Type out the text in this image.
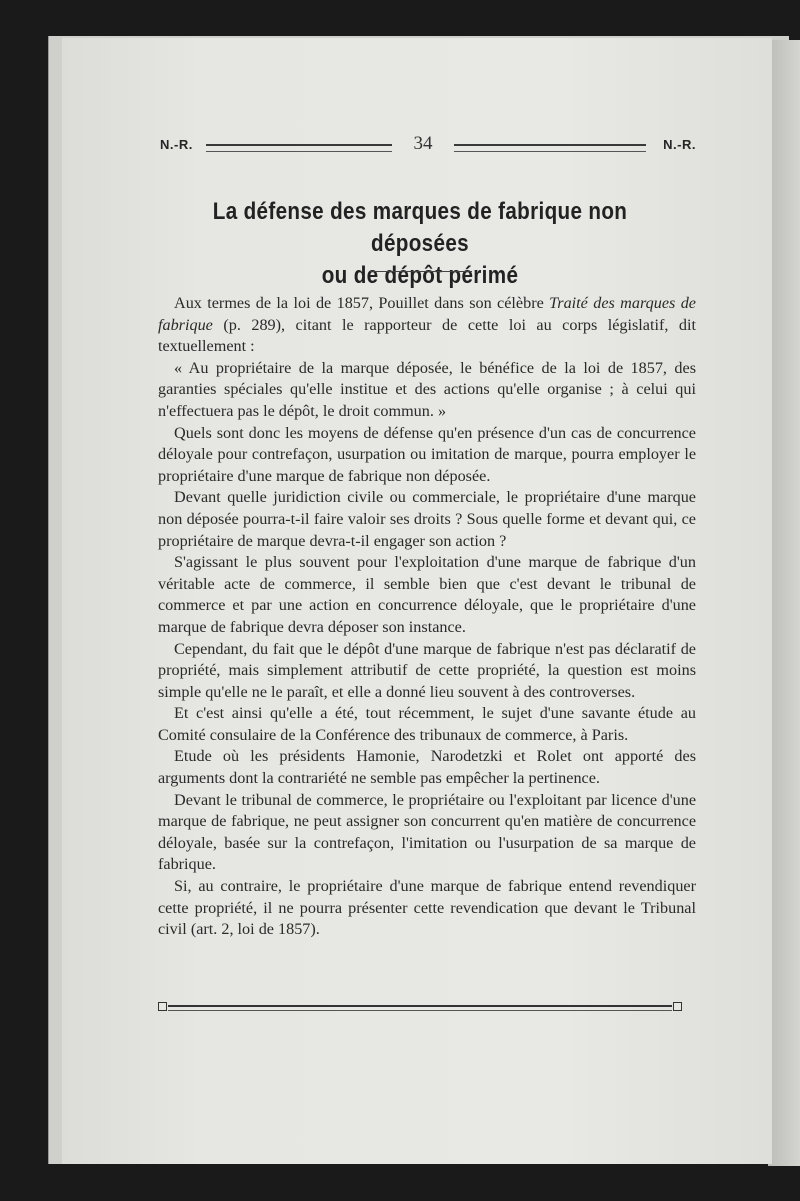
N.-R.	34	N.-R.
La défense des marques de fabrique non déposées
ou de dépôt périmé

Aux termes de la loi de 1857, Pouillet dans son célèbre Traité des marques de fabrique (p. 289), citant le rapporteur de cette loi au corps législatif, dit textuellement :

« Au propriétaire de la marque déposée, le bénéfice de la loi de 1857, des garanties spéciales qu'elle institue et des actions qu'elle organise ; à celui qui n'effectuera pas le dépôt, le droit commun. »

Quels sont donc les moyens de défense qu'en présence d'un cas de concurrence déloyale pour contrefaçon, usurpation ou imitation de marque, pourra employer le propriétaire d'une marque de fabrique non déposée.

Devant quelle juridiction civile ou commerciale, le propriétaire d'une marque non déposée pourra-t-il faire valoir ses droits ? Sous quelle forme et devant qui, ce propriétaire de marque devra-t-il engager son action ?

S'agissant le plus souvent pour l'exploitation d'une marque de fabrique d'un véritable acte de commerce, il semble bien que c'est devant le tribunal de commerce et par une action en concurrence déloyale, que le propriétaire d'une marque de fabrique devra déposer son instance.

Cependant, du fait que le dépôt d'une marque de fabrique n'est pas déclaratif de propriété, mais simplement attributif de cette propriété, la question est moins simple qu'elle ne le paraît, et elle a donné lieu souvent à des controverses.

Et c'est ainsi qu'elle a été, tout récemment, le sujet d'une savante étude au Comité consulaire de la Conférence des tribunaux de commerce, à Paris.

Etude où les présidents Hamonie, Narodetzki et Rolet ont apporté des arguments dont la contrariété ne semble pas empêcher la pertinence.

Devant le tribunal de commerce, le propriétaire ou l'exploitant par licence d'une marque de fabrique, ne peut assigner son concurrent qu'en matière de concurrence déloyale, basée sur la contrefaçon, l'imitation ou l'usurpation de sa marque de fabrique.

Si, au contraire, le propriétaire d'une marque de fabrique entend revendiquer cette propriété, il ne pourra présenter cette revendication que devant le Tribunal civil (art. 2, loi de 1857).
